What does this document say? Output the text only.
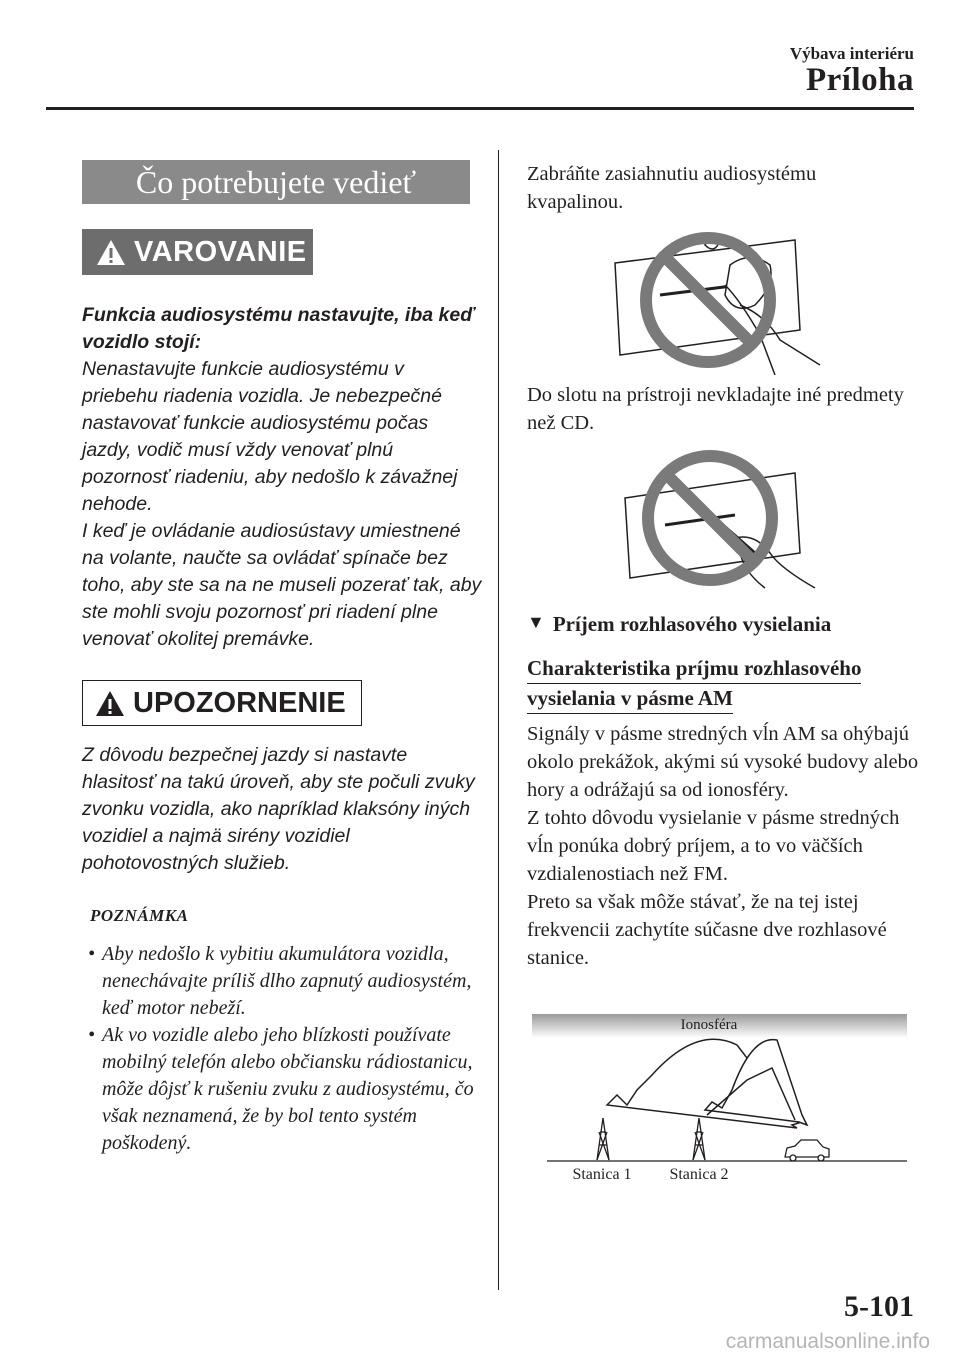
Výbava interiéru
Príloha
Čo potrebujete vedieť
VAROVANIE
Funkcia audiosystému nastavujte, iba keď vozidlo stojí:
Nenastavujte funkcie audiosystému v priebehu riadenia vozidla. Je nebezpečné nastavovať funkcie audiosystému počas jazdy, vodič musí vždy venovať plnú pozornosť riadeniu, aby nedošlo k závažnej nehode.
I keď je ovládanie audiosústavy umiestnené na volante, naučte sa ovládať spínače bez toho, aby ste sa na ne museli pozerať tak, aby ste mohli svoju pozornosť pri riadení plne venovať okolitej premávke.
UPOZORNENIE
Z dôvodu bezpečnej jazdy si nastavte hlasitosť na takú úroveň, aby ste počuli zvuky zvonku vozidla, ako napríklad klaksóny iných vozidiel a najmä sirény vozidiel pohotovostných služieb.
POZNÁMKA
• Aby nedošlo k vybitiu akumulátora vozidla, nenechávajte príliš dlho zapnutý audiosystém, keď motor nebeží.
• Ak vo vozidle alebo jeho blízkosti používate mobilný telefón alebo občiansku rádiostanicu, môže dôjsť k rušeniu zvuku z audiosystému, čo však neznamená, že by bol tento systém poškodený.
Zabráňte zasiahnutiu audiosystému kvapalinou.
Do slotu na prístroji nevkladajte iné predmety než CD.
▼ Príjem rozhlasového vysielania
Charakteristika príjmu rozhlasového
vysielania v pásme AM
Signály v pásme stredných vĺn AM sa ohýbajú okolo prekážok, akými sú vysoké budovy alebo hory a odrážajú sa od ionosféry.
Z tohto dôvodu vysielanie v pásme stredných vĺn ponúka dobrý príjem, a to vo väčších vzdialenostiach než FM.
Preto sa však môže stávať, že na tej istej frekvencii zachytíte súčasne dve rozhlasové stanice.
Ionosféra
Stanica 1 Stanica 2
5-101
carmanualsonline.info
